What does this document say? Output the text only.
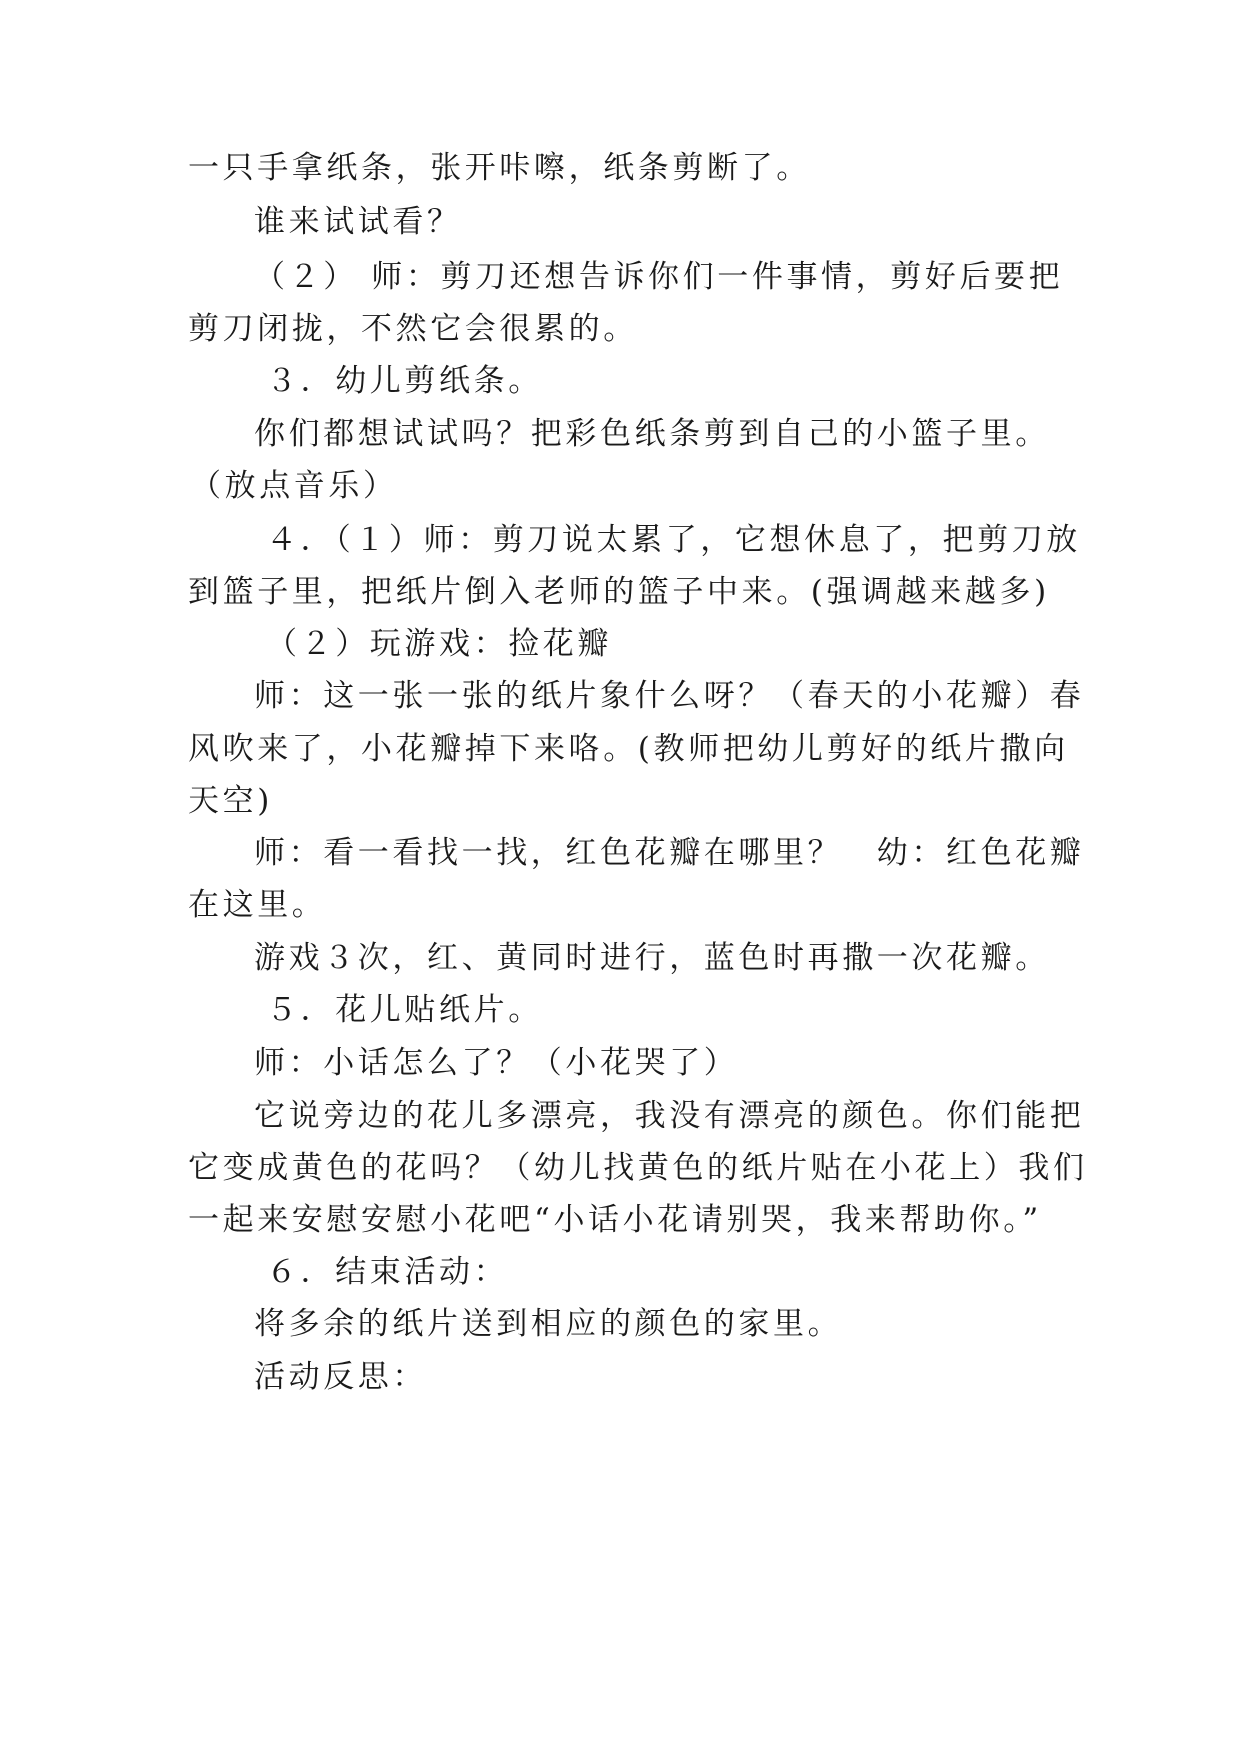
一只手拿纸条，张开咔嚓，纸条剪断了。
谁来试试看？
（２） 师：剪刀还想告诉你们一件事情，剪好后要把
剪刀闭拢，不然它会很累的。
３．幼儿剪纸条。
你们都想试试吗？把彩色纸条剪到自己的小篮子里。
（放点音乐）
４．（１）师：剪刀说太累了，它想休息了，把剪刀放
到篮子里，把纸片倒入老师的篮子中来。(强调越来越多)
（２）玩游戏：捡花瓣
师：这一张一张的纸片象什么呀？（春天的小花瓣）春
风吹来了，小花瓣掉下来咯。(教师把幼儿剪好的纸片撒向
天空)
师：看一看找一找，红色花瓣在哪里？　幼：红色花瓣
在这里。
游戏３次，红、黄同时进行，蓝色时再撒一次花瓣。
５．花儿贴纸片。
师：小话怎么了？（小花哭了）
它说旁边的花儿多漂亮，我没有漂亮的颜色。你们能把
它变成黄色的花吗？（幼儿找黄色的纸片贴在小花上）我们
一起来安慰安慰小花吧“小话小花请别哭，我来帮助你。”
６．结束活动：
将多余的纸片送到相应的颜色的家里。
活动反思：
